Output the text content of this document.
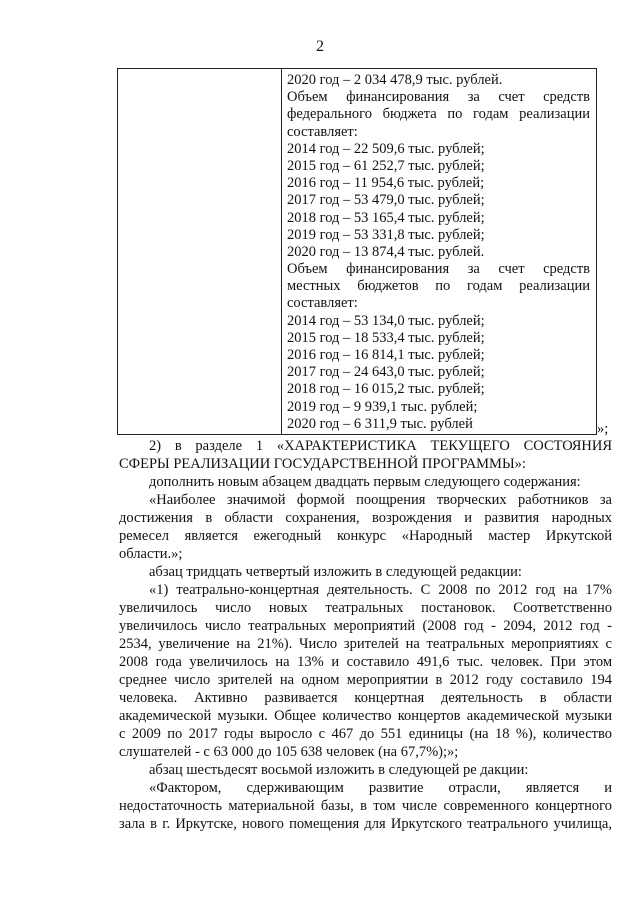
2
2020 год – 2 034 478,9 тыс. рублей.
Объем финансирования за счет средств
федерального бюджета по годам реализации
составляет:
2014 год – 22 509,6 тыс. рублей;
2015 год – 61 252,7 тыс. рублей;
2016 год – 11 954,6 тыс. рублей;
2017 год – 53 479,0 тыс. рублей;
2018 год – 53 165,4 тыс. рублей;
2019 год – 53 331,8 тыс. рублей;
2020 год – 13 874,4 тыс. рублей.
Объем финансирования за счет средств
местных бюджетов по годам реализации
составляет:
2014 год – 53 134,0 тыс. рублей;
2015 год – 18 533,4 тыс. рублей;
2016 год – 16 814,1 тыс. рублей;
2017 год – 24 643,0 тыс. рублей;
2018 год – 16 015,2 тыс. рублей;
2019 год – 9 939,1 тыс. рублей;
2020 год – 6 311,9 тыс. рублей	»;
2) в разделе 1 «ХАРАКТЕРИСТИКА ТЕКУЩЕГО СОСТОЯНИЯ
СФЕРЫ РЕАЛИЗАЦИИ ГОСУДАРСТВЕННОЙ ПРОГРАММЫ»:
дополнить новым абзацем двадцать первым следующего содержания:
«Наиболее значимой формой поощрения творческих работников за
достижения в области сохранения, возрождения и развития народных
ремесел является ежегодный конкурс «Народный мастер Иркутской
области.»;
абзац тридцать четвертый изложить в следующей редакции:
«1) театрально-концертная деятельность. С 2008 по 2012 год на 17%
увеличилось число новых театральных постановок. Соответственно
увеличилось число театральных мероприятий (2008 год - 2094, 2012 год -
2534, увеличение на 21%). Число зрителей на театральных мероприятиях с
2008 года увеличилось на 13% и составило 491,6 тыс. человек. При этом
среднее число зрителей на одном мероприятии в 2012 году составило 194
человека. Активно развивается концертная деятельность в области
академической музыки. Общее количество концертов академической музыки
с 2009 по 2017 годы выросло с 467 до 551 единицы (на 18 %), количество
слушателей - с 63 000 до 105 638 человек (на 67,7%);»;
абзац шестьдесят восьмой изложить в следующей ре дакции:
«Фактором, сдерживающим развитие отрасли, является и
недостаточность материальной базы, в том числе современного концертного
зала в г. Иркутске, нового помещения для Иркутского театрального училища,
